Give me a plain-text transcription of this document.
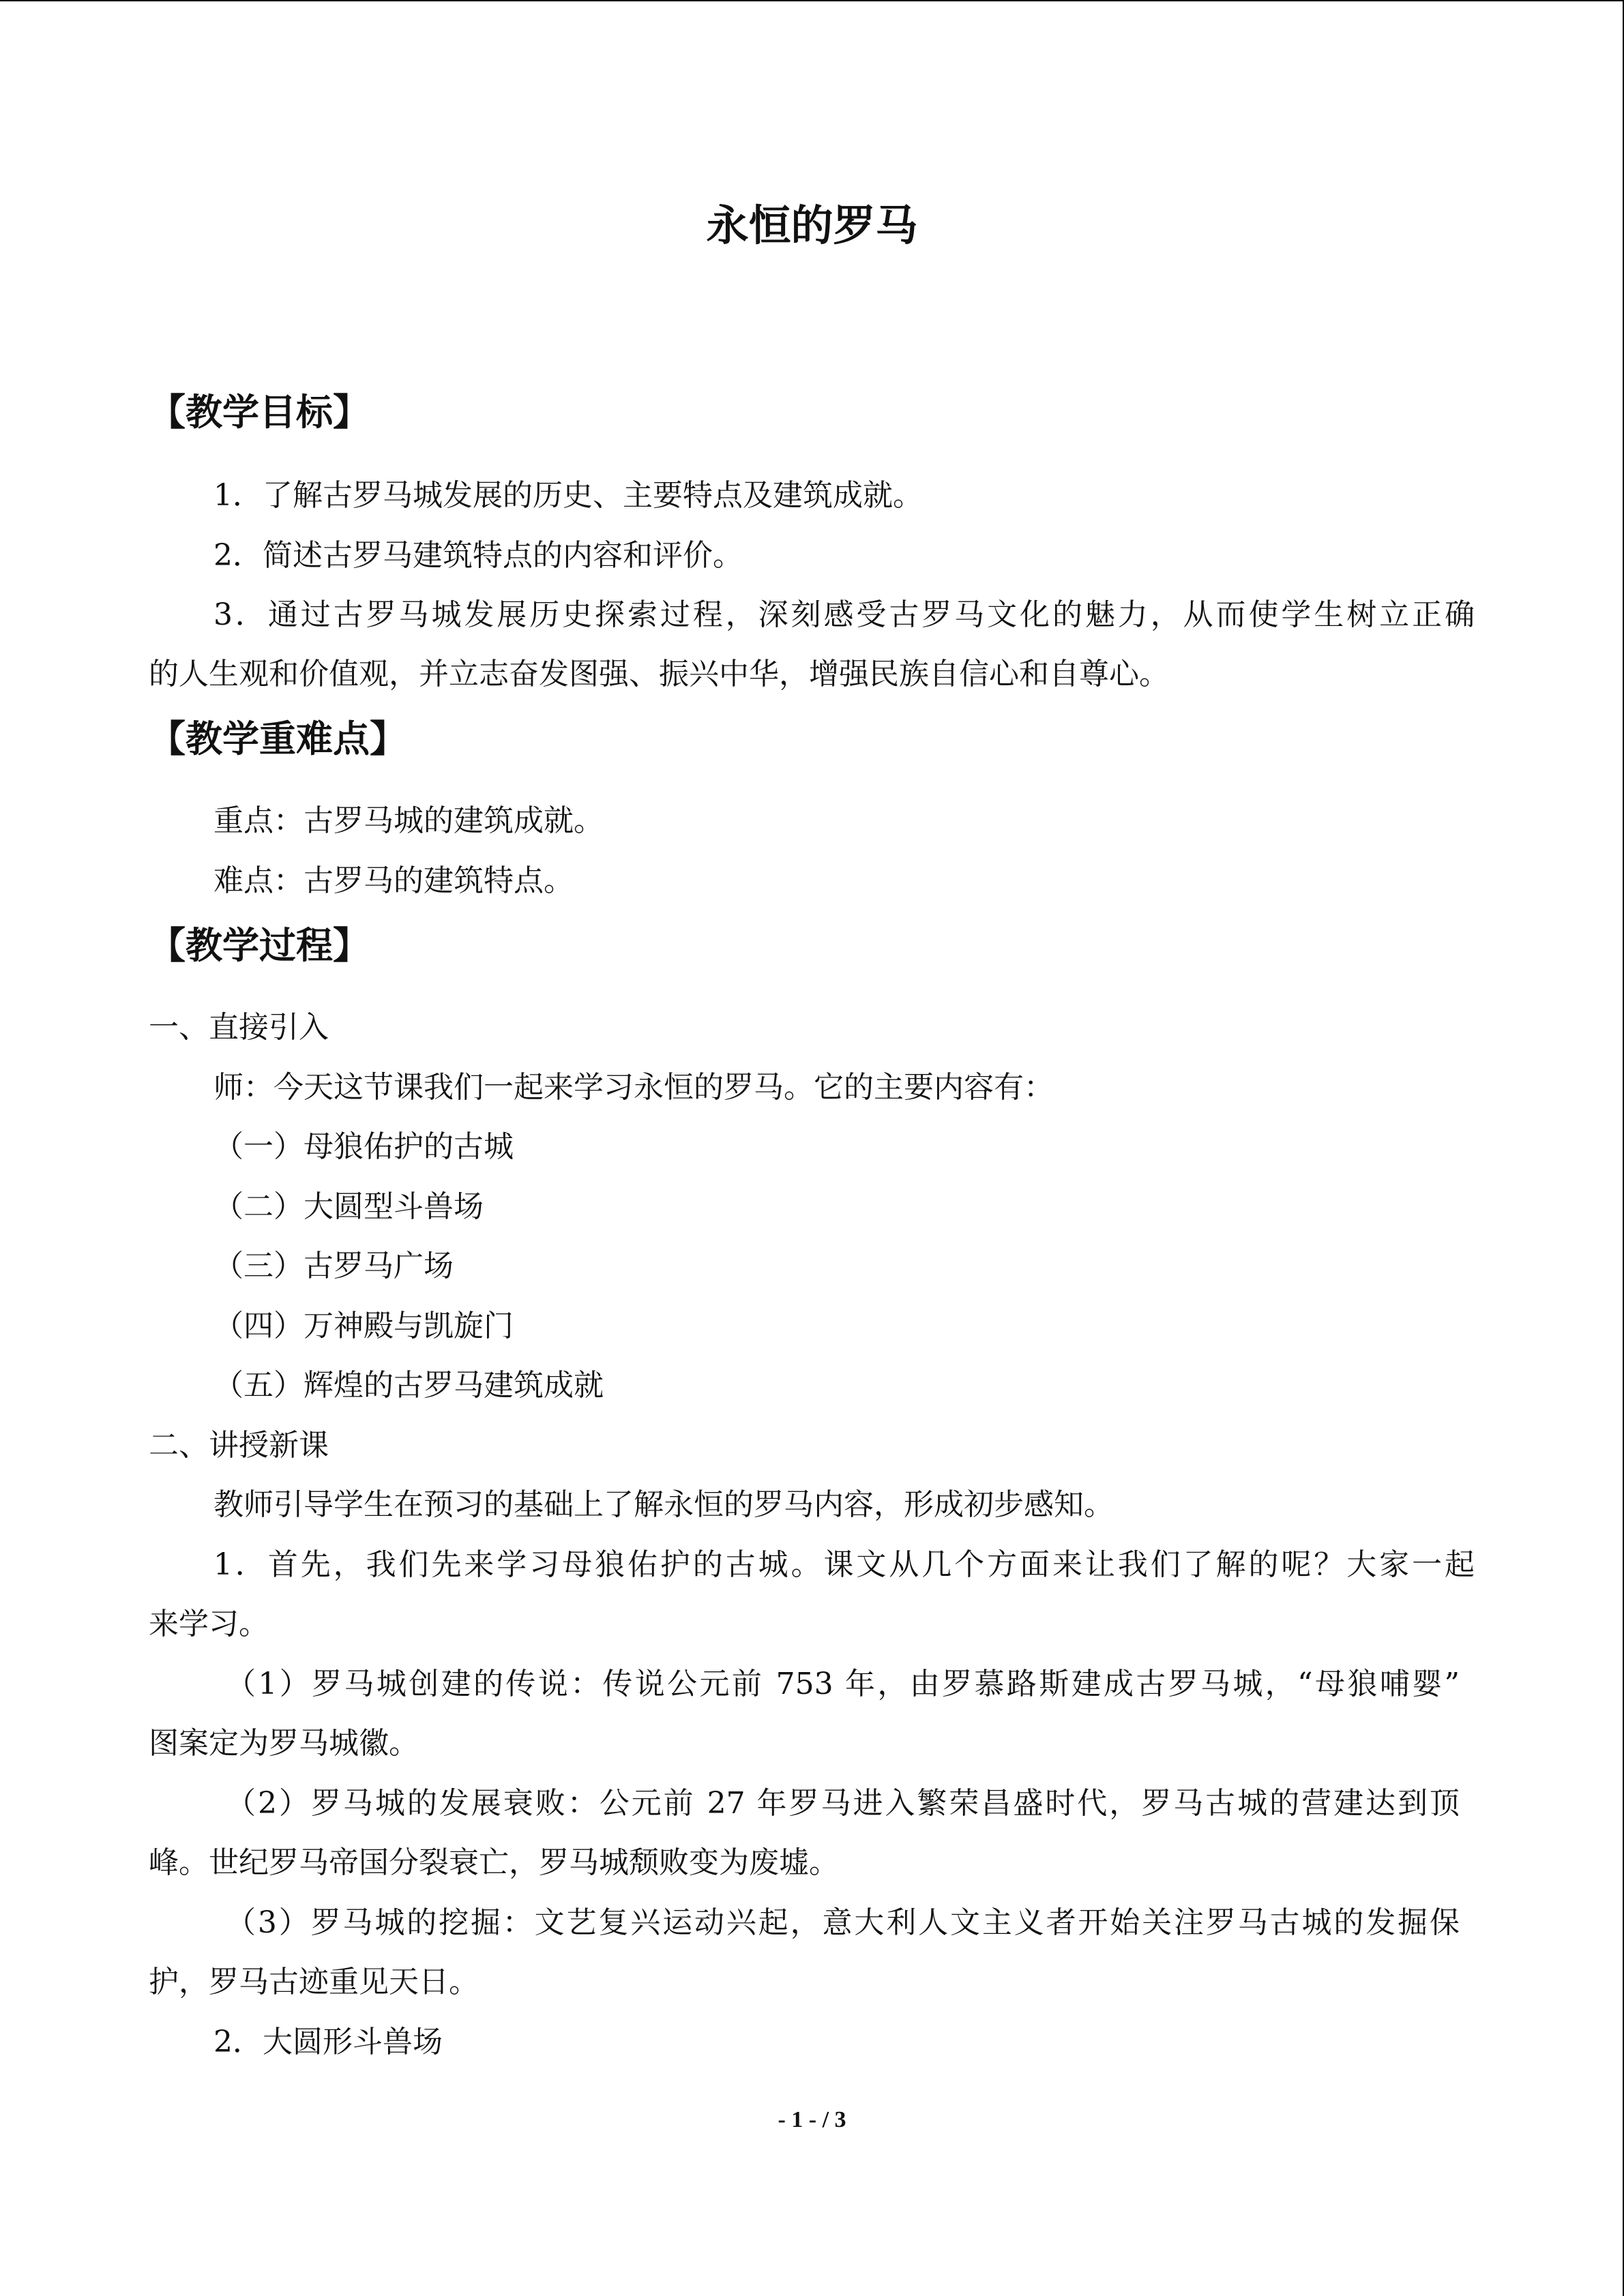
永恒的罗马
【教学目标】
1．了解古罗马城发展的历史、主要特点及建筑成就。
2．简述古罗马建筑特点的内容和评价。
3．通过古罗马城发展历史探索过程，深刻感受古罗马文化的魅力，从而使学生树立正确
的人生观和价值观，并立志奋发图强、振兴中华，增强民族自信心和自尊心。
【教学重难点】
重点：古罗马城的建筑成就。
难点：古罗马的建筑特点。
【教学过程】
一、直接引入
师：今天这节课我们一起来学习永恒的罗马。它的主要内容有：
（一）母狼佑护的古城
（二）大圆型斗兽场
（三）古罗马广场
（四）万神殿与凯旋门
（五）辉煌的古罗马建筑成就
二、讲授新课
教师引导学生在预习的基础上了解永恒的罗马内容，形成初步感知。
1．首先，我们先来学习母狼佑护的古城。课文从几个方面来让我们了解的呢？大家一起
来学习。
（1）罗马城创建的传说：传说公元前 753 年，由罗慕路斯建成古罗马城，“母狼哺婴”
图案定为罗马城徽。
（2）罗马城的发展衰败：公元前 27 年罗马进入繁荣昌盛时代，罗马古城的营建达到顶
峰。世纪罗马帝国分裂衰亡，罗马城颓败变为废墟。
（3）罗马城的挖掘：文艺复兴运动兴起，意大利人文主义者开始关注罗马古城的发掘保
护，罗马古迹重见天日。
2．大圆形斗兽场
- 1 - / 3
